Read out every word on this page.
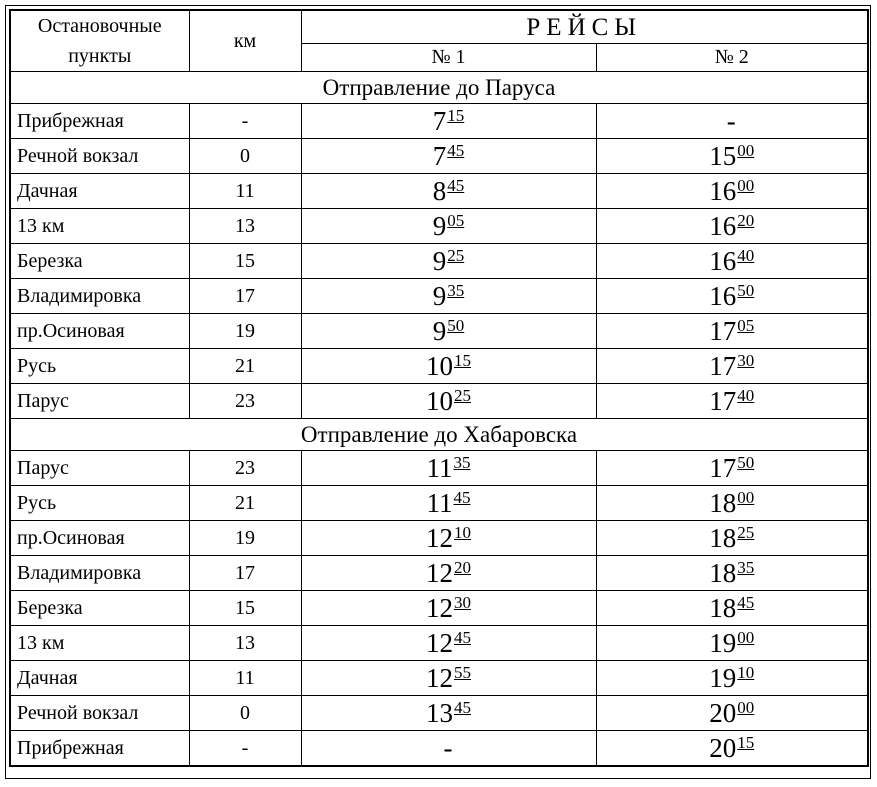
Остановочные пункты	км	РЕЙСЫ	
		№ 1	№ 2
Отправление до Паруса			
Прибрежная	-	$7^{15}$	-
Речной вокзал	0	$7^{45}$	$15^{00}$
Дачная	11	$8^{45}$	$16^{00}$
13 км	13	$9^{05}$	$16^{20}$
Березка	15	$9^{25}$	$16^{40}$
Владимировка	17	$9^{35}$	$16^{50}$
пр.Осиновая	19	$9^{50}$	$17^{05}$
Русь	21	$10^{15}$	$17^{30}$
Парус	23	$10^{25}$	$17^{40}$
Отправление до Хабаровска			
Парус	23	$11^{35}$	$17^{50}$
Русь	21	$11^{45}$	$18^{00}$
пр.Осиновая	19	$12^{10}$	$18^{25}$
Владимировка	17	$12^{20}$	$18^{35}$
Березка	15	$12^{30}$	$18^{45}$
13 км	13	$12^{45}$	$19^{00}$
Дачная	11	$12^{55}$	$19^{10}$
Речной вокзал	0	$13^{45}$	$20^{00}$
Прибрежная	-	-	$20^{15}$
